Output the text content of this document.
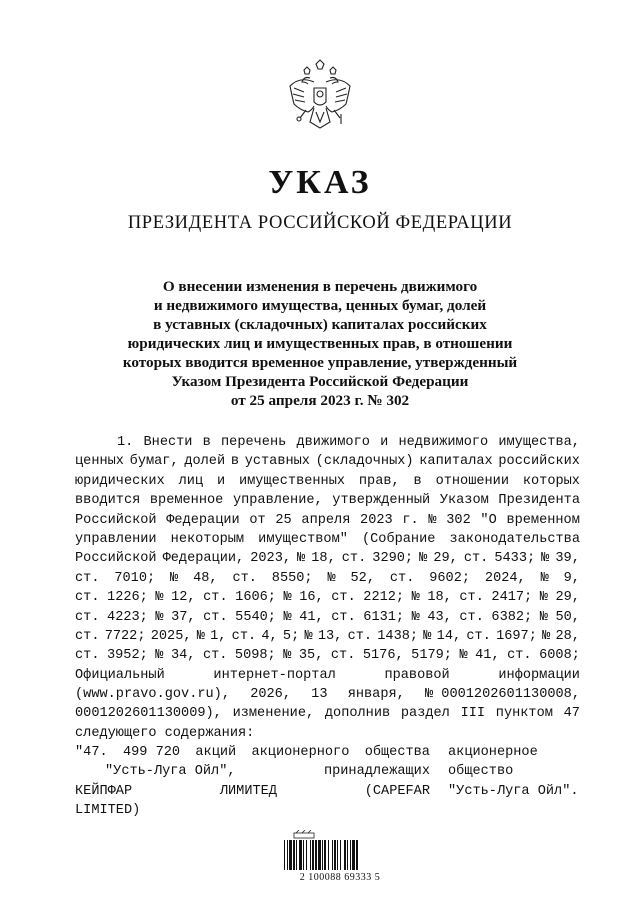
УКАЗ
ПРЕЗИДЕНТА РОССИЙСКОЙ ФЕДЕРАЦИИ
О внесении изменения в перечень движимого
и недвижимого имущества, ценных бумаг, долей
в уставных (складочных) капиталах российских
юридических лиц и имущественных прав, в отношении
которых вводится временное управление, утвержденный
Указом Президента Российской Федерации
от 25 апреля 2023 г. № 302
1. Внести в перечень движимого и недвижимого имущества,
ценных бумаг, долей в уставных (складочных) капиталах российских
юридических лиц и имущественных прав, в отношении которых
вводится временное управление, утвержденный Указом Президента
Российской Федерации от 25 апреля 2023 г. № 302 "О временном
управлении некоторым имуществом" (Собрание законодательства
Российской Федерации, 2023, № 18, ст. 3290; № 29, ст. 5433; № 39,
ст. 7010; № 48, ст. 8550; № 52, ст. 9602; 2024, № 9,
ст. 1226; № 12, ст. 1606; № 16, ст. 2212; № 18, ст. 2417; № 29,
ст. 4223; № 37, ст. 5540; № 41, ст. 6131; № 43, ст. 6382; № 50,
ст. 7722; 2025, № 1, ст. 4, 5; № 13, ст. 1438; № 14, ст. 1697; № 28,
ст. 3952; № 34, ст. 5098; № 35, ст. 5176, 5179; № 41, ст. 6008;
Официальный	интернет-портал	правовой	информации
(www.pravo.gov.ru), 2026, 13 января, № 0001202601130008,
0001202601130009), изменение, дополнив раздел III пунктом 47
следующего содержания:
"47. 499 720 акций акционерного общества
"Усть-Луга Ойл",	принадлежащих
КЕЙПФАР	ЛИМИТЕД	(CAPEFAR
LIMITED)
акционерное
общество
"Усть-Луга Ойл".
2 100088 69333 5
